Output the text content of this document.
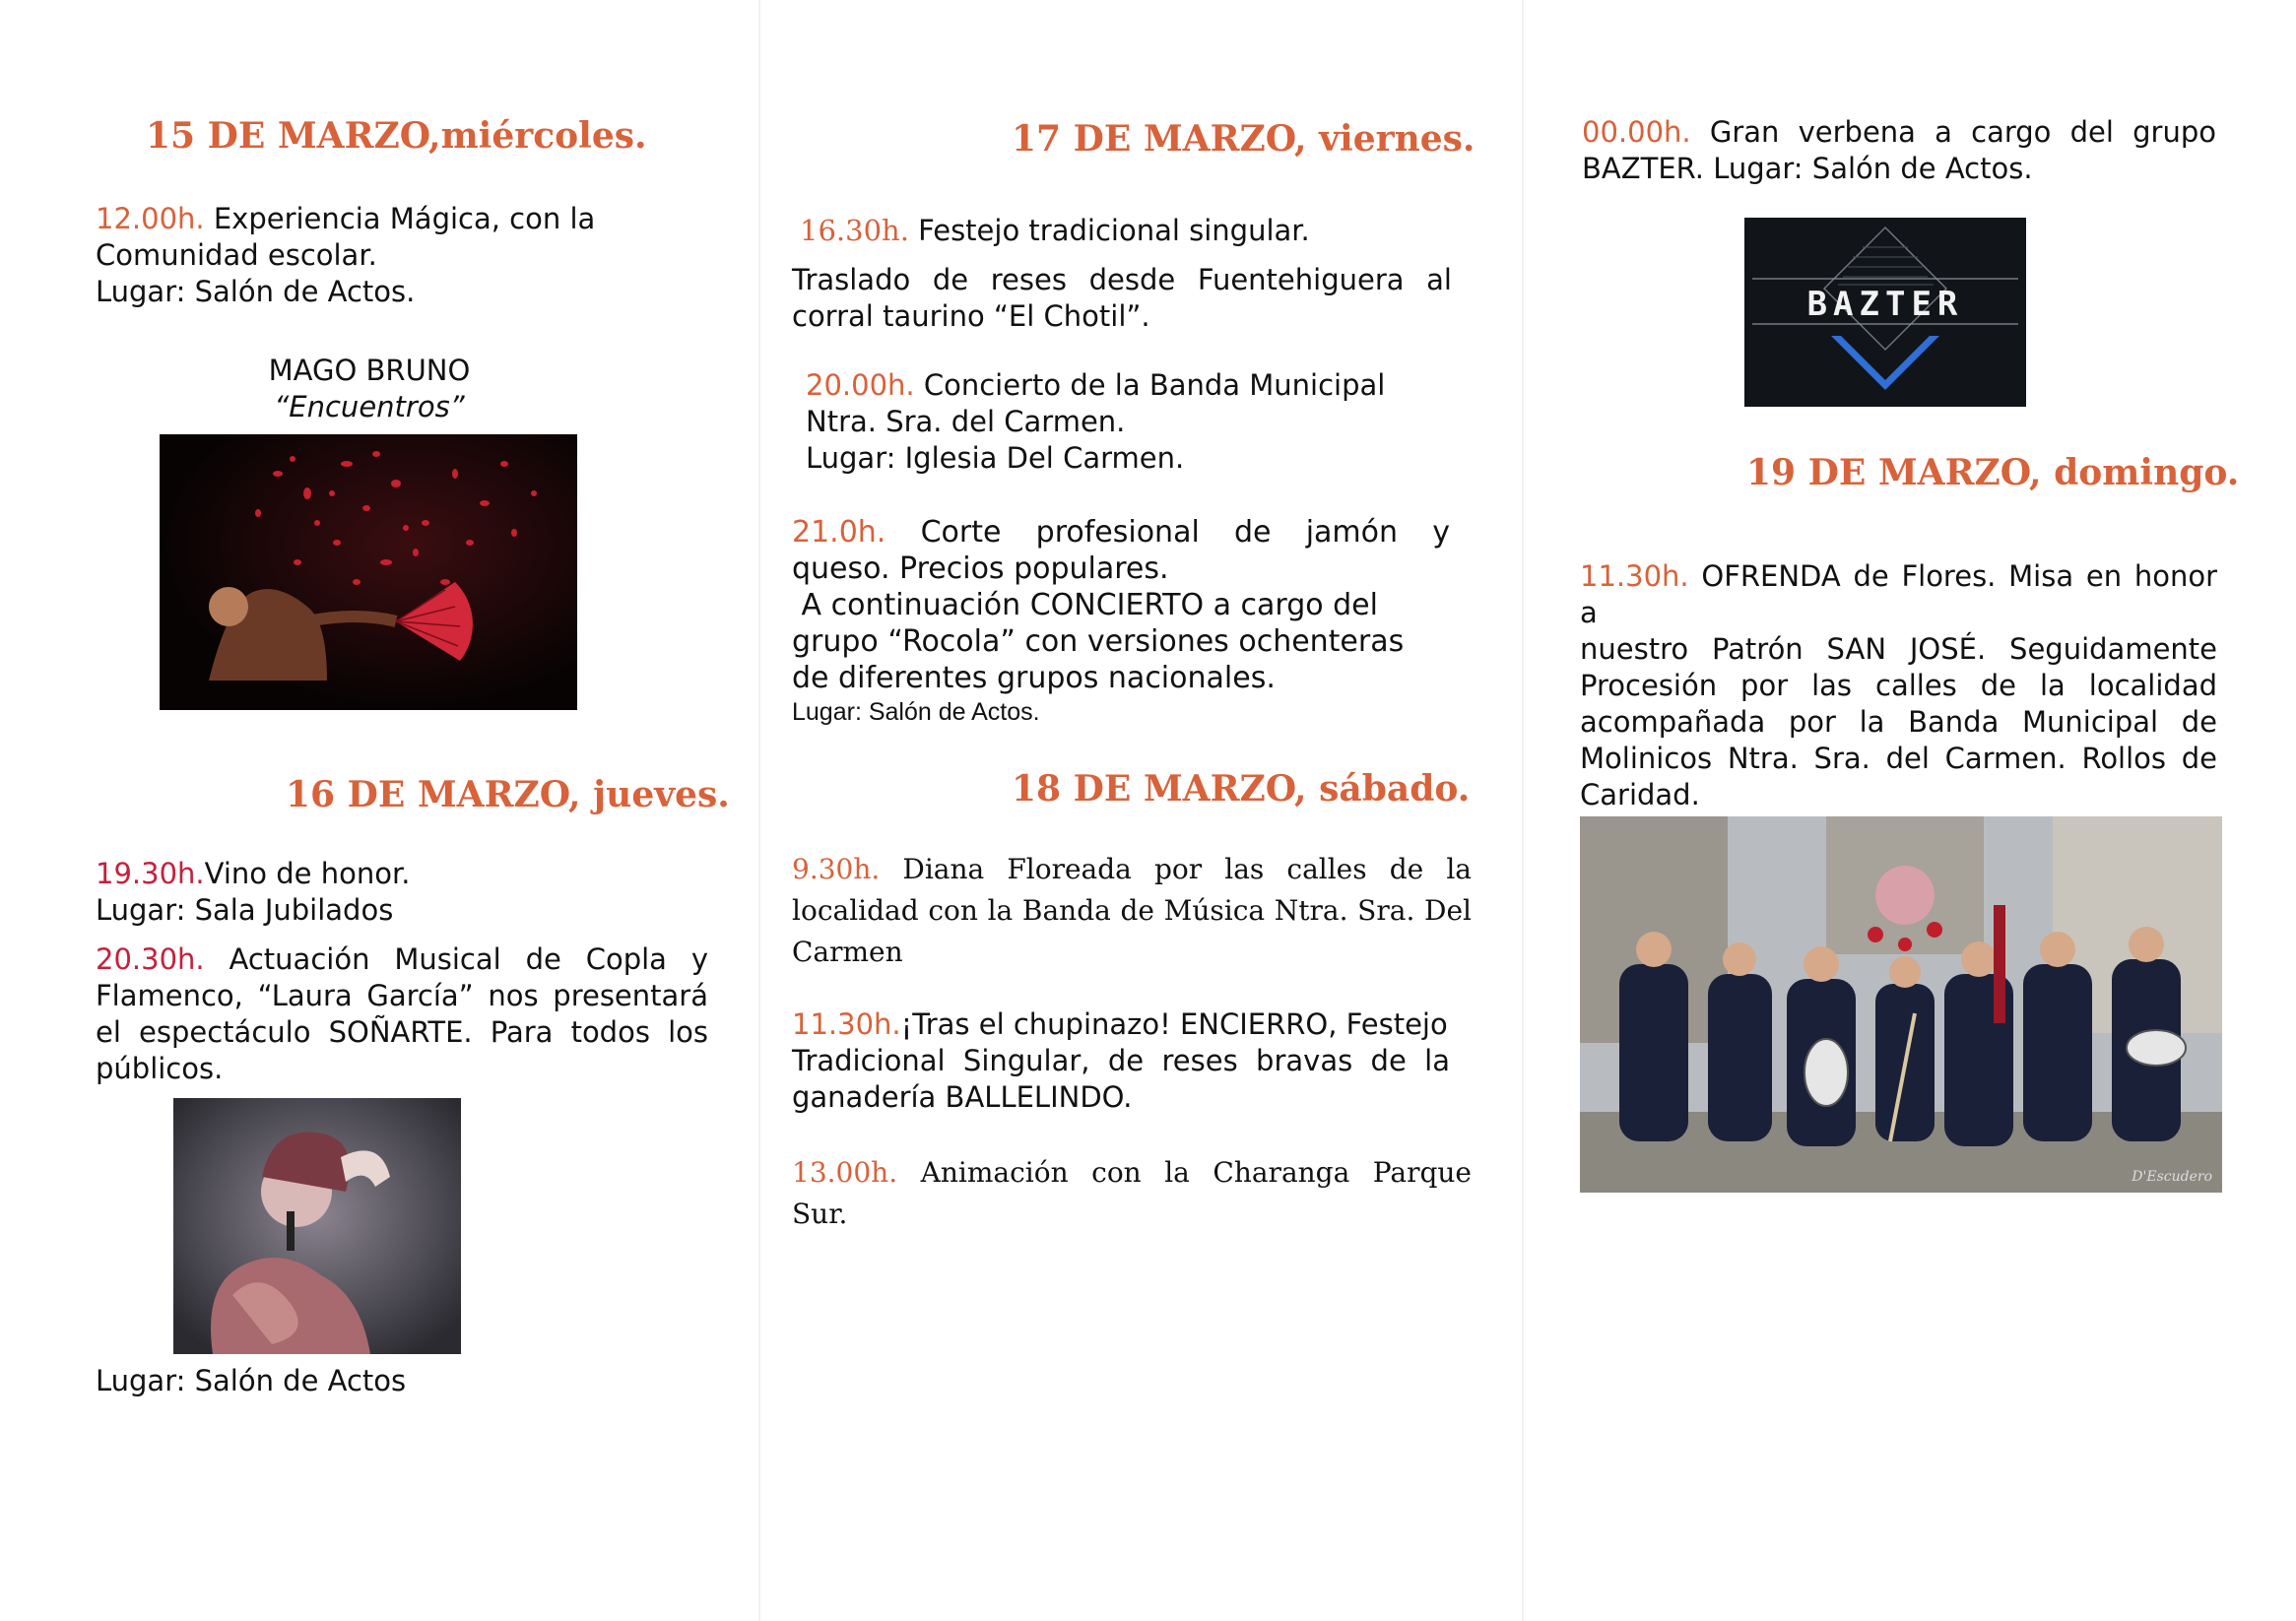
15 DE MARZO,miércoles.
12.00h. Experiencia Mágica, con la
Comunidad escolar.
Lugar: Salón de Actos.
MAGO BRUNO
“Encuentros”
16 DE MARZO, jueves.
19.30h.Vino de honor.
Lugar: Sala Jubilados
20.30h. Actuación Musical de Copla y
Flamenco, “Laura García” nos presentará
el espectáculo SOÑARTE. Para todos los
públicos.
Lugar: Salón de Actos
17 DE MARZO, viernes.
16.30h. Festejo tradicional singular.
Traslado de reses desde Fuentehiguera al
corral taurino “El Chotil”.
20.00h. Concierto de la Banda Municipal
Ntra. Sra. del Carmen.
Lugar: Iglesia Del Carmen.
21.0h. Corte profesional de jamón y
queso. Precios populares.
A continuación CONCIERTO a cargo del
grupo “Rocola” con versiones ochenteras
de diferentes grupos nacionales.
Lugar: Salón de Actos.
18 DE MARZO, sábado.
9.30h. Diana Floreada por las calles de la
localidad con la Banda de Música Ntra. Sra. Del
Carmen
11.30h.¡Tras el chupinazo! ENCIERRO, Festejo
Tradicional Singular, de reses bravas de la
ganadería BALLELINDO.
13.00h. Animación con la Charanga Parque
Sur.
00.00h. Gran verbena a cargo del grupo
BAZTER. Lugar: Salón de Actos.
BAZTER
19 DE MARZO, domingo.
11.30h. OFRENDA de Flores. Misa en honor a
nuestro Patrón SAN JOSÉ. Seguidamente
Procesión por las calles de la localidad
acompañada por la Banda Municipal de
Molinicos Ntra. Sra. del Carmen. Rollos de
Caridad.
D'Escudero
